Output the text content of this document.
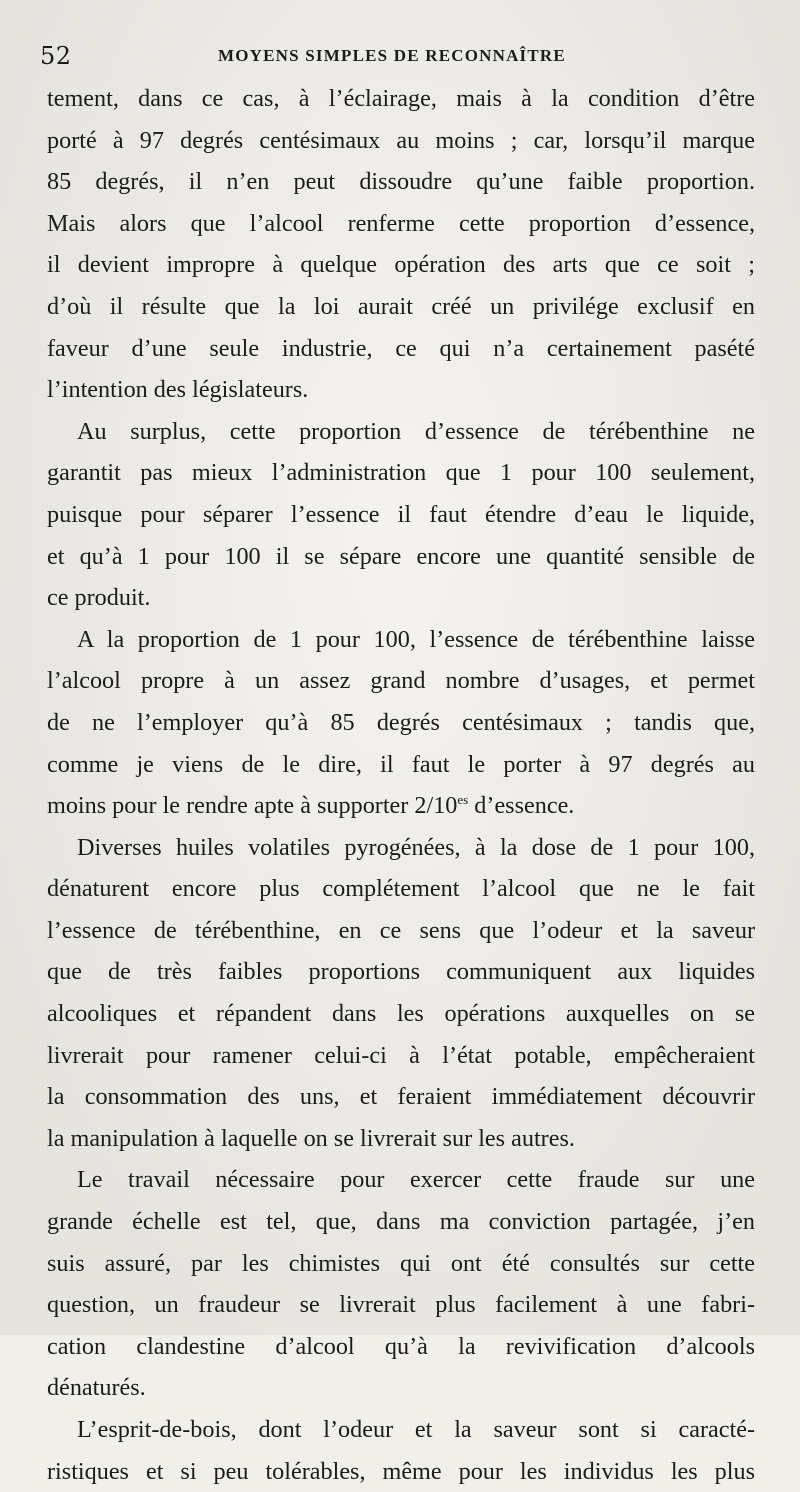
52	MOYENS SIMPLES DE RECONNAÎTRE
tement, dans ce cas, à l’éclairage, mais à la condition d’être
porté à 97 degrés centésimaux au moins ; car, lorsqu’il marque
85 degrés, il n’en peut dissoudre qu’une faible proportion.
Mais alors que l’alcool renferme cette proportion d’essence,
il devient impropre à quelque opération des arts que ce soit ;
d’où il résulte que la loi aurait créé un privilége exclusif en
faveur d’une seule industrie, ce qui n’a certainement pasété
l’intention des législateurs.
Au surplus, cette proportion d’essence de térébenthine ne
garantit pas mieux l’administration que 1 pour 100 seulement,
puisque pour séparer l’essence il faut étendre d’eau le liquide,
et qu’à 1 pour 100 il se sépare encore une quantité sensible de
ce produit.
A la proportion de 1 pour 100, l’essence de térébenthine laisse
l’alcool propre à un assez grand nombre d’usages, et permet
de ne l’employer qu’à 85 degrés centésimaux ; tandis que,
comme je viens de le dire, il faut le porter à 97 degrés au
moins pour le rendre apte à supporter $2/10^{es}$ d’essence.
Diverses huiles volatiles pyrogénées, à la dose de 1 pour 100,
dénaturent encore plus complétement l’alcool que ne le fait
l’essence de térébenthine, en ce sens que l’odeur et la saveur
que de très faibles proportions communiquent aux liquides
alcooliques et répandent dans les opérations auxquelles on se
livrerait pour ramener celui-ci à l’état potable, empêcheraient
la consommation des uns, et feraient immédiatement découvrir
la manipulation à laquelle on se livrerait sur les autres.
Le travail nécessaire pour exercer cette fraude sur une
grande échelle est tel, que, dans ma conviction partagée, j’en
suis assuré, par les chimistes qui ont été consultés sur cette
question, un fraudeur se livrerait plus facilement à une fabri-
cation clandestine d’alcool qu’à la revivification d’alcools
dénaturés.
L’esprit-de-bois, dont l’odeur et la saveur sont si caracté-
ristiques et si peu tolérables, même pour les individus les plus
